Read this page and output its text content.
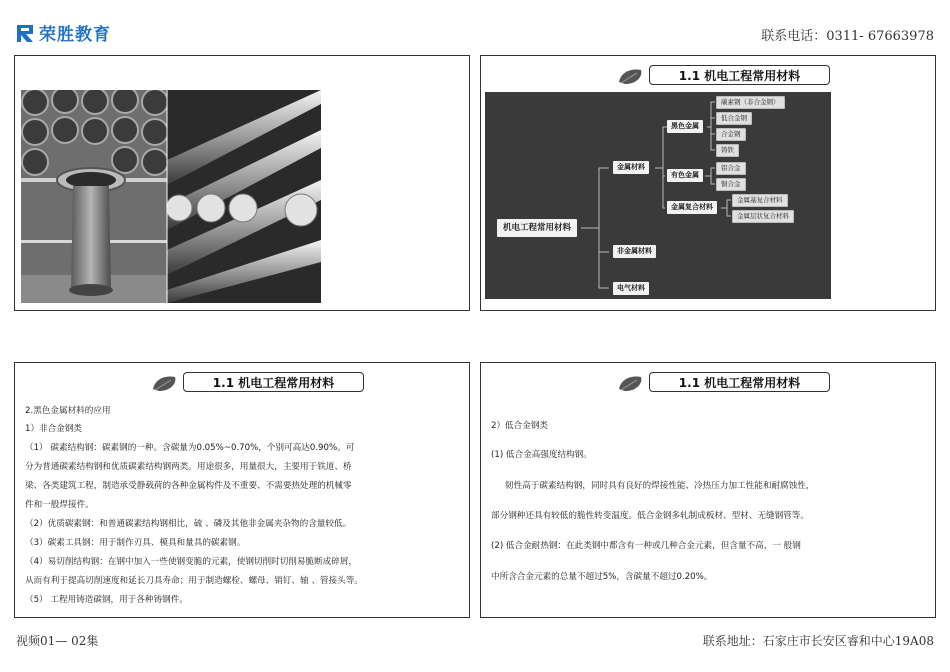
荣胜教育	联系电话：0311- 67663978
1.1 机电工程常用材料
机电工程常用材料
金属材料
非金属材料
电气材料
黑色金属
有色金属
金属复合材料
碳素钢（非合金钢）
低合金钢
合金钢
铸铁
铝合金
铜合金
金属基复合材料
金属层状复合材料
1.1 机电工程常用材料
2.黑色金属材料的应用
1）非合金钢类
（1） 碳素结构钢：碳素钢的一种。含碳量为0.05%~0.70%，个别可高达0.90%。可
分为普通碳素结构钢和优质碳素结构钢两类。用途很多，用量很大，主要用于铁道、桥
梁、各类建筑工程，制造承受静载荷的各种金属构件及不重要、不需要热处理的机械零
件和一般焊接件。
（2）优质碳素钢：和普通碳素结构钢相比，硫 、磷及其他非金属夹杂物的含量较低。
（3）碳素工具钢：用于制作刃具、模具和量具的碳素钢。
（4）易切削结构钢：在钢中加入一些使钢变脆的元素，使钢切削时切削易脆断成碎屑，
从而有利于提高切削速度和延长刀具寿命；用于制造螺栓、螺母、销钉、轴 、管接头等。
（5） 工程用铸造碳钢，用于各种铸钢件。
1.1 机电工程常用材料
2）低合金钢类
(1) 低合金高强度结构钢。
韧性高于碳素结构钢，同时具有良好的焊接性能、冷热压力加工性能和耐腐蚀性，
部分钢种还具有较低的脆性转变温度。低合金钢多轧制成板材、型材、无缝钢管等。
(2) 低合金耐热钢：在此类钢中都含有一种或几种合金元素，但含量不高，一 般钢
中所含合金元素的总量不超过5%，含碳量不超过0.20%。
视频01— 02集	联系地址：石家庄市长安区睿和中心19A08
